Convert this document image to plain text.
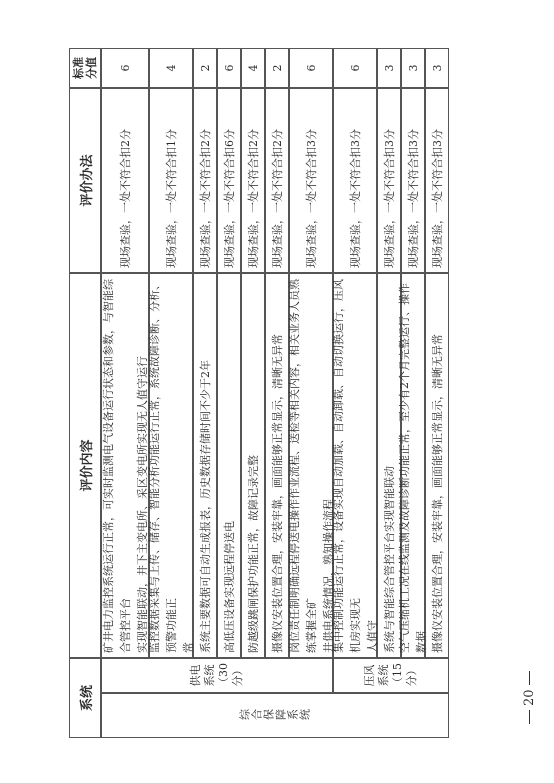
系统
评价内容
评价办法
标准 分值
综合保障系统
供电 系统 （30分）	压风 系统 （15分）
矿井电力监控系统运行正常，可实时监测电气设备运行状态和参数，与智能综合管控平台 实现智能联动，井下主变电所、采区变电所实现无人值守运行
现场查验，一处不符合扣2分
6
监控数据采集与上传、储存、智能分析功能运行正常，系统故障诊断、分析、预警功能正 常
现场查验，一处不符合扣1分
4
系统主要数据可自动生成报表，历史数据存储时间不少于2年
现场查验，一处不符合扣2分
2
高低压设备实现远程停送电
现场查验，一处不符合扣6分
6
防越级跳闸保护功能正常，故障记录完整
现场查验，一处不符合扣2分
4
摄像仪安装位置合理，安装牢靠，画面能够正常显示，清晰无异常
现场查验，一处不符合扣2分
2
岗位责任制明确远程停送电操作作业流程、送检等相关内容，相关业务人员熟练掌握全矿 井供电系统情况，熟知操作流程
现场查验，一处不符合扣3分
6
集中控制功能运行正常，设备实现自动加载、自动卸载、自动切换运行，压风机房实现无 人值守
现场查验，一处不符合扣3分
6
系统与智能综合管控平台实现智能联动
现场查验，一处不符合扣3分
3
空气压缩机工况在线监测及故障诊断功能正常，至少有2个月完整运行、操作数据
现场查验，一处不符合扣3分
3
摄像仪安装位置合理，安装牢靠，画面能够正常显示，清晰无异常
现场查验，一处不符合扣3分
3
20
